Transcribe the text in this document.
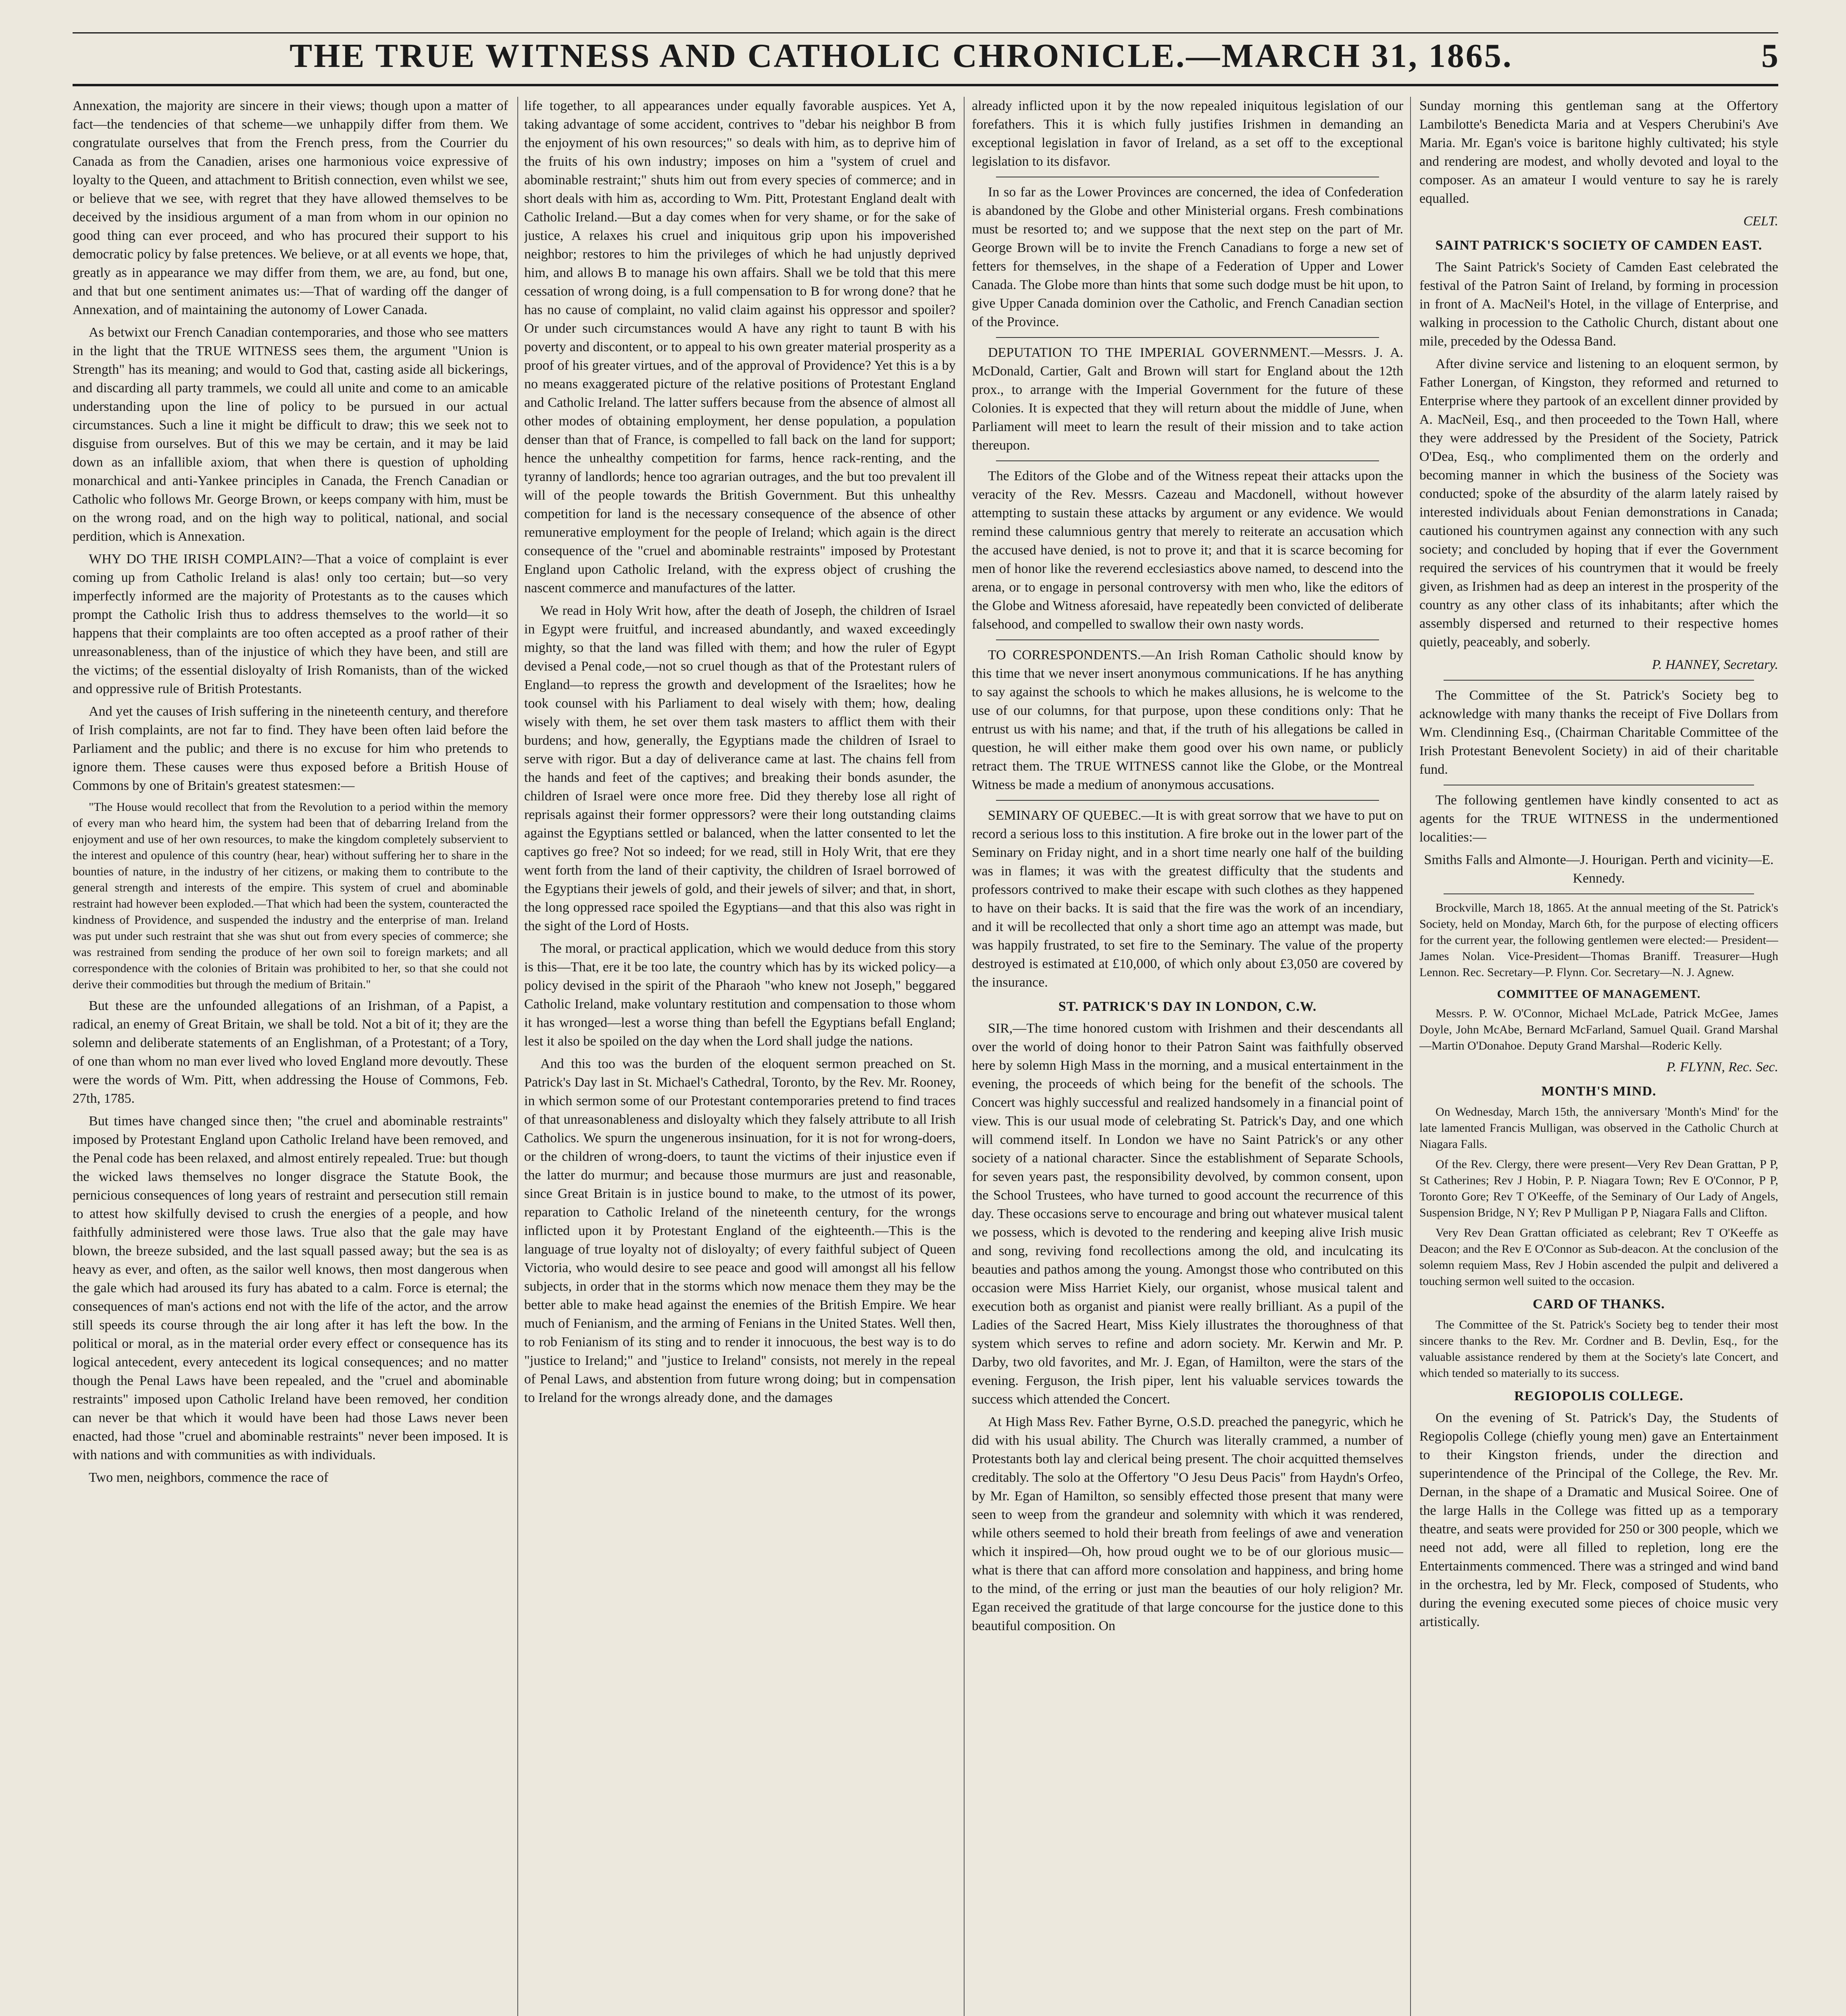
THE TRUE WITNESS AND CATHOLIC CHRONICLE.—MARCH 31, 1865.	5

Annexation, the majority are sincere in their views; though upon a matter of fact—the tendencies of that scheme—we unhappily differ from them. We congratulate ourselves that from the French press, from the Courrier du Canada as from the Canadien, arises one harmonious voice expressive of loyalty to the Queen, and attachment to British connection, even whilst we see, or believe that we see, with regret that they have allowed themselves to be deceived by the insidious argument of a man from whom in our opinion no good thing can ever proceed, and who has procured their support to his democratic policy by false pretences. We believe, or at all events we hope, that, greatly as in appearance we may differ from them, we are, au fond, but one, and that but one sentiment animates us:—That of warding off the danger of Annexation, and of maintaining the autonomy of Lower Canada.

As betwixt our French Canadian contemporaries, and those who see matters in the light that the TRUE WITNESS sees them, the argument "Union is Strength" has its meaning; and would to God that, casting aside all bickerings, and discarding all party trammels, we could all unite and come to an amicable understanding upon the line of policy to be pursued in our actual circumstances. Such a line it might be difficult to draw; this we seek not to disguise from ourselves. But of this we may be certain, and it may be laid down as an infallible axiom, that when there is question of upholding monarchical and anti-Yankee principles in Canada, the French Canadian or Catholic who follows Mr. George Brown, or keeps company with him, must be on the wrong road, and on the high way to political, national, and social perdition, which is Annexation.

WHY DO THE IRISH COMPLAIN?—That a voice of complaint is ever coming up from Catholic Ireland is alas! only too certain; but—so very imperfectly informed are the majority of Protestants as to the causes which prompt the Catholic Irish thus to address themselves to the world—it so happens that their complaints are too often accepted as a proof rather of their unreasonableness, than of the injustice of which they have been, and still are the victims; of the essential disloyalty of Irish Romanists, than of the wicked and oppressive rule of British Protestants.

And yet the causes of Irish suffering in the nineteenth century, and therefore of Irish complaints, are not far to find. They have been often laid before the Parliament and the public; and there is no excuse for him who pretends to ignore them. These causes were thus exposed before a British House of Commons by one of Britain's greatest statesmen:—

"The House would recollect that from the Revolution to a period within the memory of every man who heard him, the system had been that of debarring Ireland from the enjoyment and use of her own resources, to make the kingdom completely subservient to the interest and opulence of this country (hear, hear) without suffering her to share in the bounties of nature, in the industry of her citizens, or making them to contribute to the general strength and interests of the empire. This system of cruel and abominable restraint had however been exploded.—That which had been the system, counteracted the kindness of Providence, and suspended the industry and the enterprise of man. Ireland was put under such restraint that she was shut out from every species of commerce; she was restrained from sending the produce of her own soil to foreign markets; and all correspondence with the colonies of Britain was prohibited to her, so that she could not derive their commodities but through the medium of Britain."

But these are the unfounded allegations of an Irishman, of a Papist, a radical, an enemy of Great Britain, we shall be told. Not a bit of it; they are the solemn and deliberate statements of an Englishman, of a Protestant; of a Tory, of one than whom no man ever lived who loved England more devoutly. These were the words of Wm. Pitt, when addressing the House of Commons, Feb. 27th, 1785.

But times have changed since then; "the cruel and abominable restraints" imposed by Protestant England upon Catholic Ireland have been removed, and the Penal code has been relaxed, and almost entirely repealed. True: but though the wicked laws themselves no longer disgrace the Statute Book, the pernicious consequences of long years of restraint and persecution still remain to attest how skilfully devised to crush the energies of a people, and how faithfully administered were those laws. True also that the gale may have blown, the breeze subsided, and the last squall passed away; but the sea is as heavy as ever, and often, as the sailor well knows, then most dangerous when the gale which had aroused its fury has abated to a calm. Force is eternal; the consequences of man's actions end not with the life of the actor, and the arrow still speeds its course through the air long after it has left the bow. In the political or moral, as in the material order every effect or consequence has its logical antecedent, every antecedent its logical consequences; and no matter though the Penal Laws have been repealed, and the "cruel and abominable restraints" imposed upon Catholic Ireland have been removed, her condition can never be that which it would have been had those Laws never been enacted, had those "cruel and abominable restraints" never been imposed. It is with nations and with communities as with individuals.

Two men, neighbors, commence the race of

life together, to all appearances under equally favorable auspices. Yet A, taking advantage of some accident, contrives to "debar his neighbor B from the enjoyment of his own resources;" so deals with him, as to deprive him of the fruits of his own industry; imposes on him a "system of cruel and abominable restraint;" shuts him out from every species of commerce; and in short deals with him as, according to Wm. Pitt, Protestant England dealt with Catholic Ireland.—But a day comes when for very shame, or for the sake of justice, A relaxes his cruel and iniquitous grip upon his impoverished neighbor; restores to him the privileges of which he had unjustly deprived him, and allows B to manage his own affairs. Shall we be told that this mere cessation of wrong doing, is a full compensation to B for wrong done? that he has no cause of complaint, no valid claim against his oppressor and spoiler? Or under such circumstances would A have any right to taunt B with his poverty and discontent, or to appeal to his own greater material prosperity as a proof of his greater virtues, and of the approval of Providence? Yet this is a by no means exaggerated picture of the relative positions of Protestant England and Catholic Ireland. The latter suffers because from the absence of almost all other modes of obtaining employment, her dense population, a population denser than that of France, is compelled to fall back on the land for support; hence the unhealthy competition for farms, hence rack-renting, and the tyranny of landlords; hence too agrarian outrages, and the but too prevalent ill will of the people towards the British Government. But this unhealthy competition for land is the necessary consequence of the absence of other remunerative employment for the people of Ireland; which again is the direct consequence of the "cruel and abominable restraints" imposed by Protestant England upon Catholic Ireland, with the express object of crushing the nascent commerce and manufactures of the latter.

We read in Holy Writ how, after the death of Joseph, the children of Israel in Egypt were fruitful, and increased abundantly, and waxed exceedingly mighty, so that the land was filled with them; and how the ruler of Egypt devised a Penal code,—not so cruel though as that of the Protestant rulers of England—to repress the growth and development of the Israelites; how he took counsel with his Parliament to deal wisely with them; how, dealing wisely with them, he set over them task masters to afflict them with their burdens; and how, generally, the Egyptians made the children of Israel to serve with rigor. But a day of deliverance came at last. The chains fell from the hands and feet of the captives; and breaking their bonds asunder, the children of Israel were once more free. Did they thereby lose all right of reprisals against their former oppressors? were their long outstanding claims against the Egyptians settled or balanced, when the latter consented to let the captives go free? Not so indeed; for we read, still in Holy Writ, that ere they went forth from the land of their captivity, the children of Israel borrowed of the Egyptians their jewels of gold, and their jewels of silver; and that, in short, the long oppressed race spoiled the Egyptians—and that this also was right in the sight of the Lord of Hosts.

The moral, or practical application, which we would deduce from this story is this—That, ere it be too late, the country which has by its wicked policy—a policy devised in the spirit of the Pharaoh "who knew not Joseph," beggared Catholic Ireland, make voluntary restitution and compensation to those whom it has wronged—lest a worse thing than befell the Egyptians befall England; lest it also be spoiled on the day when the Lord shall judge the nations.

And this too was the burden of the eloquent sermon preached on St. Patrick's Day last in St. Michael's Cathedral, Toronto, by the Rev. Mr. Rooney, in which sermon some of our Protestant contemporaries pretend to find traces of that unreasonableness and disloyalty which they falsely attribute to all Irish Catholics. We spurn the ungenerous insinuation, for it is not for wrong-doers, or the children of wrong-doers, to taunt the victims of their injustice even if the latter do murmur; and because those murmurs are just and reasonable, since Great Britain is in justice bound to make, to the utmost of its power, reparation to Catholic Ireland of the nineteenth century, for the wrongs inflicted upon it by Protestant England of the eighteenth.—This is the language of true loyalty not of disloyalty; of every faithful subject of Queen Victoria, who would desire to see peace and good will amongst all his fellow subjects, in order that in the storms which now menace them they may be the better able to make head against the enemies of the British Empire. We hear much of Fenianism, and the arming of Fenians in the United States. Well then, to rob Fenianism of its sting and to render it innocuous, the best way is to do "justice to Ireland;" and "justice to Ireland" consists, not merely in the repeal of Penal Laws, and abstention from future wrong doing; but in compensation to Ireland for the wrongs already done, and the damages

already inflicted upon it by the now repealed iniquitous legislation of our forefathers. This it is which fully justifies Irishmen in demanding an exceptional legislation in favor of Ireland, as a set off to the exceptional legislation to its disfavor.

In so far as the Lower Provinces are concerned, the idea of Confederation is abandoned by the Globe and other Ministerial organs. Fresh combinations must be resorted to; and we suppose that the next step on the part of Mr. George Brown will be to invite the French Canadians to forge a new set of fetters for themselves, in the shape of a Federation of Upper and Lower Canada. The Globe more than hints that some such dodge must be hit upon, to give Upper Canada dominion over the Catholic, and French Canadian section of the Province.

DEPUTATION TO THE IMPERIAL GOVERNMENT.—Messrs. J. A. McDonald, Cartier, Galt and Brown will start for England about the 12th prox., to arrange with the Imperial Government for the future of these Colonies. It is expected that they will return about the middle of June, when Parliament will meet to learn the result of their mission and to take action thereupon.

The Editors of the Globe and of the Witness repeat their attacks upon the veracity of the Rev. Messrs. Cazeau and Macdonell, without however attempting to sustain these attacks by argument or any evidence. We would remind these calumnious gentry that merely to reiterate an accusation which the accused have denied, is not to prove it; and that it is scarce becoming for men of honor like the reverend ecclesiastics above named, to descend into the arena, or to engage in personal controversy with men who, like the editors of the Globe and Witness aforesaid, have repeatedly been convicted of deliberate falsehood, and compelled to swallow their own nasty words.

TO CORRESPONDENTS.—An Irish Roman Catholic should know by this time that we never insert anonymous communications. If he has anything to say against the schools to which he makes allusions, he is welcome to the use of our columns, for that purpose, upon these conditions only: That he entrust us with his name; and that, if the truth of his allegations be called in question, he will either make them good over his own name, or publicly retract them. The TRUE WITNESS cannot like the Globe, or the Montreal Witness be made a medium of anonymous accusations.

SEMINARY OF QUEBEC.—It is with great sorrow that we have to put on record a serious loss to this institution. A fire broke out in the lower part of the Seminary on Friday night, and in a short time nearly one half of the building was in flames; it was with the greatest difficulty that the students and professors contrived to make their escape with such clothes as they happened to have on their backs. It is said that the fire was the work of an incendiary, and it will be recollected that only a short time ago an attempt was made, but was happily frustrated, to set fire to the Seminary. The value of the property destroyed is estimated at £10,000, of which only about £3,050 are covered by the insurance.

ST. PATRICK'S DAY IN LONDON, C.W.

SIR,—The time honored custom with Irishmen and their descendants all over the world of doing honor to their Patron Saint was faithfully observed here by solemn High Mass in the morning, and a musical entertainment in the evening, the proceeds of which being for the benefit of the schools. The Concert was highly successful and realized handsomely in a financial point of view. This is our usual mode of celebrating St. Patrick's Day, and one which will commend itself. In London we have no Saint Patrick's or any other society of a national character. Since the establishment of Separate Schools, for seven years past, the responsibility devolved, by common consent, upon the School Trustees, who have turned to good account the recurrence of this day. These occasions serve to encourage and bring out whatever musical talent we possess, which is devoted to the rendering and keeping alive Irish music and song, reviving fond recollections among the old, and inculcating its beauties and pathos among the young. Amongst those who contributed on this occasion were Miss Harriet Kiely, our organist, whose musical talent and execution both as organist and pianist were really brilliant. As a pupil of the Ladies of the Sacred Heart, Miss Kiely illustrates the thoroughness of that system which serves to refine and adorn society. Mr. Kerwin and Mr. P. Darby, two old favorites, and Mr. J. Egan, of Hamilton, were the stars of the evening. Ferguson, the Irish piper, lent his valuable services towards the success which attended the Concert.

At High Mass Rev. Father Byrne, O.S.D. preached the panegyric, which he did with his usual ability. The Church was literally crammed, a number of Protestants both lay and clerical being present. The choir acquitted themselves creditably. The solo at the Offertory "O Jesu Deus Pacis" from Haydn's Orfeo, by Mr. Egan of Hamilton, so sensibly effected those present that many were seen to weep from the grandeur and solemnity with which it was rendered, while others seemed to hold their breath from feelings of awe and veneration which it inspired—Oh, how proud ought we to be of our glorious music—what is there that can afford more consolation and happiness, and bring home to the mind, of the erring or just man the beauties of our holy religion? Mr. Egan received the gratitude of that large concourse for the justice done to this beautiful composition. On

Sunday morning this gentleman sang at the Offertory Lambilotte's Benedicta Maria and at Vespers Cherubini's Ave Maria. Mr. Egan's voice is baritone highly cultivated; his style and rendering are modest, and wholly devoted and loyal to the composer. As an amateur I would venture to say he is rarely equalled.

CELT.

SAINT PATRICK'S SOCIETY OF CAMDEN EAST.

The Saint Patrick's Society of Camden East celebrated the festival of the Patron Saint of Ireland, by forming in procession in front of A. MacNeil's Hotel, in the village of Enterprise, and walking in procession to the Catholic Church, distant about one mile, preceded by the Odessa Band.

After divine service and listening to an eloquent sermon, by Father Lonergan, of Kingston, they reformed and returned to Enterprise where they partook of an excellent dinner provided by A. MacNeil, Esq., and then proceeded to the Town Hall, where they were addressed by the President of the Society, Patrick O'Dea, Esq., who complimented them on the orderly and becoming manner in which the business of the Society was conducted; spoke of the absurdity of the alarm lately raised by interested individuals about Fenian demonstrations in Canada; cautioned his countrymen against any connection with any such society; and concluded by hoping that if ever the Government required the services of his countrymen that it would be freely given, as Irishmen had as deep an interest in the prosperity of the country as any other class of its inhabitants; after which the assembly dispersed and returned to their respective homes quietly, peaceably, and soberly.

P. HANNEY, Secretary.

The Committee of the St. Patrick's Society beg to acknowledge with many thanks the receipt of Five Dollars from Wm. Clendinning Esq., (Chairman Charitable Committee of the Irish Protestant Benevolent Society) in aid of their charitable fund.

The following gentlemen have kindly consented to act as agents for the TRUE WITNESS in the undermentioned localities:—

Smiths Falls and Almonte—J. Hourigan. Perth and vicinity—E. Kennedy.

Brockville, March 18, 1865. At the annual meeting of the St. Patrick's Society, held on Monday, March 6th, for the purpose of electing officers for the current year, the following gentlemen were elected:— President—James Nolan. Vice-President—Thomas Braniff. Treasurer—Hugh Lennon. Rec. Secretary—P. Flynn. Cor. Secretary—N. J. Agnew.

COMMITTEE OF MANAGEMENT.

Messrs. P. W. O'Connor, Michael McLade, Patrick McGee, James Doyle, John McAbe, Bernard McFarland, Samuel Quail. Grand Marshal—Martin O'Donahoe. Deputy Grand Marshal—Roderic Kelly.

P. FLYNN, Rec. Sec.

MONTH'S MIND.

On Wednesday, March 15th, the anniversary 'Month's Mind' for the late lamented Francis Mulligan, was observed in the Catholic Church at Niagara Falls.

Of the Rev. Clergy, there were present—Very Rev Dean Grattan, P P, St Catherines; Rev J Hobin, P. P. Niagara Town; Rev E O'Connor, P P, Toronto Gore; Rev T O'Keeffe, of the Seminary of Our Lady of Angels, Suspension Bridge, N Y; Rev P Mulligan P P, Niagara Falls and Clifton.

Very Rev Dean Grattan officiated as celebrant; Rev T O'Keeffe as Deacon; and the Rev E O'Connor as Sub-deacon. At the conclusion of the solemn requiem Mass, Rev J Hobin ascended the pulpit and delivered a touching sermon well suited to the occasion.

CARD OF THANKS.

The Committee of the St. Patrick's Society beg to tender their most sincere thanks to the Rev. Mr. Cordner and B. Devlin, Esq., for the valuable assistance rendered by them at the Society's late Concert, and which tended so materially to its success.

REGIOPOLIS COLLEGE.

On the evening of St. Patrick's Day, the Students of Regiopolis College (chiefly young men) gave an Entertainment to their Kingston friends, under the direction and superintendence of the Principal of the College, the Rev. Mr. Dernan, in the shape of a Dramatic and Musical Soiree. One of the large Halls in the College was fitted up as a temporary theatre, and seats were provided for 250 or 300 people, which we need not add, were all filled to repletion, long ere the Entertainments commenced. There was a stringed and wind band in the orchestra, led by Mr. Fleck, composed of Students, who during the evening executed some pieces of choice music very artistically.
